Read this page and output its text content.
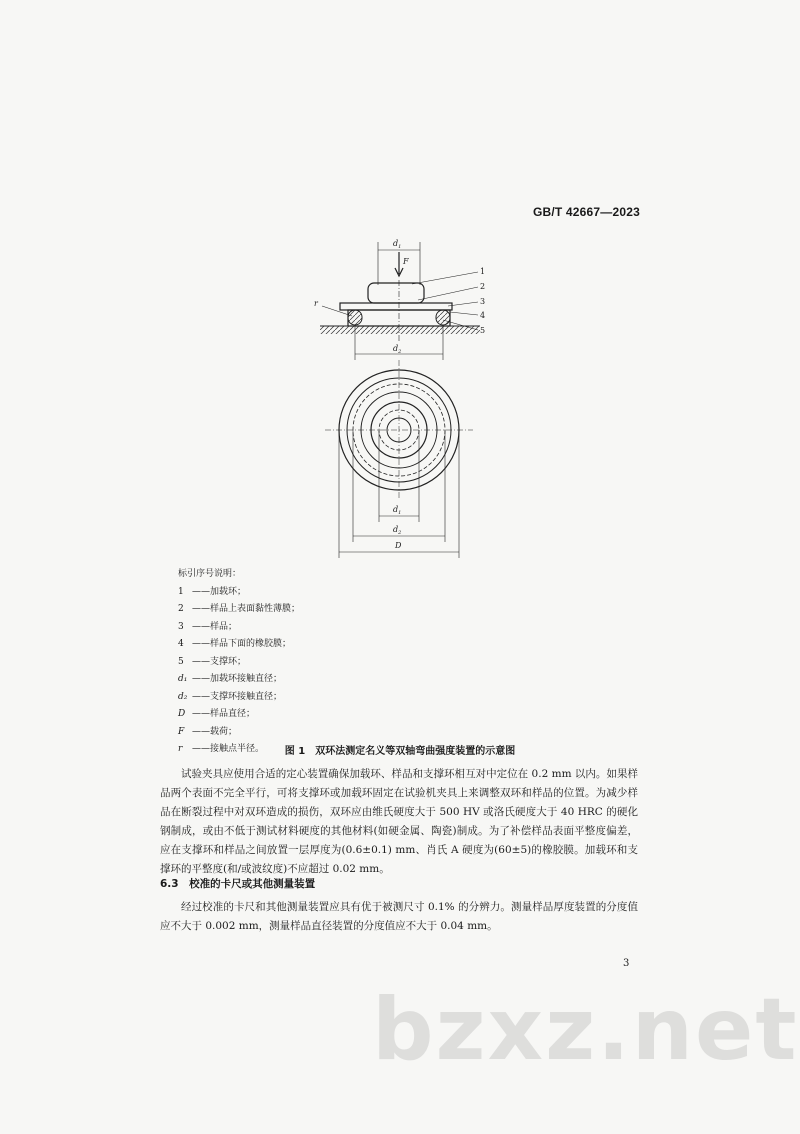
GB/T 42667—2023
$d_1$
F
r
$d_2$
$d_1$
$d_2$
D
1
2
3
4
5
标引序号说明：
1 ——加载环；
2 ——样品上表面黏性薄膜；
3 ——样品；
4 ——样品下面的橡胶膜；
5 ——支撑环；
d₁ ——加载环接触直径；
d₂ ——支撑环接触直径；
D ——样品直径；
F ——载荷；
r ——接触点半径。	图 1　双环法测定名义等双轴弯曲强度装置的示意图
试验夹具应使用合适的定心装置确保加载环、样品和支撑环相互对中定位在 0.2 mm 以内。如果样品两个表面不完全平行，可将支撑环或加载环固定在试验机夹具上来调整双环和样品的位置。为减少样品在断裂过程中对双环造成的损伤，双环应由维氏硬度大于 500 HV 或洛氏硬度大于 40 HRC 的硬化钢制成，或由不低于测试材料硬度的其他材料(如硬金属、陶瓷)制成。为了补偿样品表面平整度偏差，应在支撑环和样品之间放置一层厚度为(0.6±0.1) mm、肖氏 A 硬度为(60±5)的橡胶膜。加载环和支撑环的平整度(和/或波纹度)不应超过 0.02 mm。
6.3　校准的卡尺或其他测量装置
经过校准的卡尺和其他测量装置应具有优于被测尺寸 0.1% 的分辨力。测量样品厚度装置的分度值应不大于 0.002 mm，测量样品直径装置的分度值应不大于 0.04 mm。
3
bzxz.net
